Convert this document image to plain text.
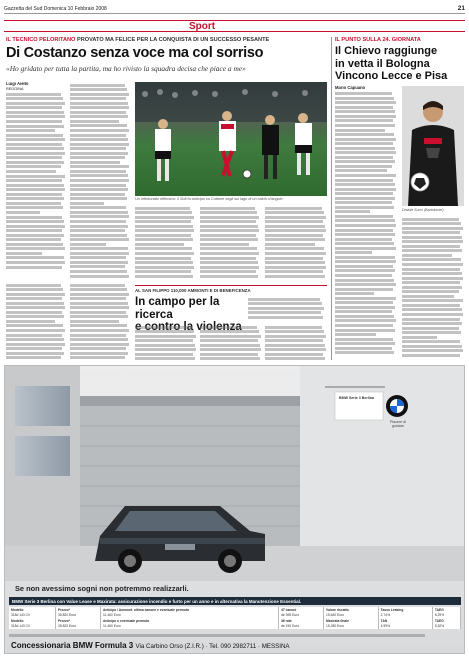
Gazzetta del Sud Domenica 10 Febbraio 2008	21
Sport
IL TECNICO PELORITANO PROVATO MA FELICE PER LA CONQUISTA DI UN SUCCESSO PESANTE
Di Costanzo senza voce ma col sorriso
«Ho gridato per tutta la partita, ma ho rivisto la squadra decisa che piace a me»
Luigi Aiello
REGGINA
Un infortunato offensivo: il Sofi fa anticipo su Cuttone segli sul lago di un calcio d'angolo
AL SAN FILIPPO 110,000 AMMONTI E DI BENEFICENZA
In campo per la ricerca
e contro la violenza
IL PUNTO SULLA 24. GIORNATA
Il Chievo raggiunge
in vetta il Bologna
Vincono Lecce e Pisa
Mario Capuano
Davide Succi (Bartolomei)
BMW Serie 3 Berlina
Piacere di guidare
Se non avessimo sogni non potremmo realizzarli.
BMW Serie 3 Berlina con Value Lease e Maxirata: assicurazione incendio e furto per un anno e in alternativa la Manutenzione Essential.
Modello	Prezzo*	Anticipo / Ammont. ultima canone e eventuale permuta	47 canoni	Valore riscatto	Tasso Leasing	TAEG
318d 143 CV	35.820 Euro	11.460 Euro	de 395 Euro	15.640 Euro	2,74%	6,29%
Modello	Prezzo*	Anticipo o eventuale permuta	36 rate	Maxirata finale	TAN	TAEG
318d 143 CV	35.820 Euro	11.460 Euro	de 150 Euro	15.280 Euro	4,99%	5,52%
Concessionaria BMW Formula 3 Via Carbino Orso (Z.I.R.) · Tel. 090 2982711 · MESSINA
